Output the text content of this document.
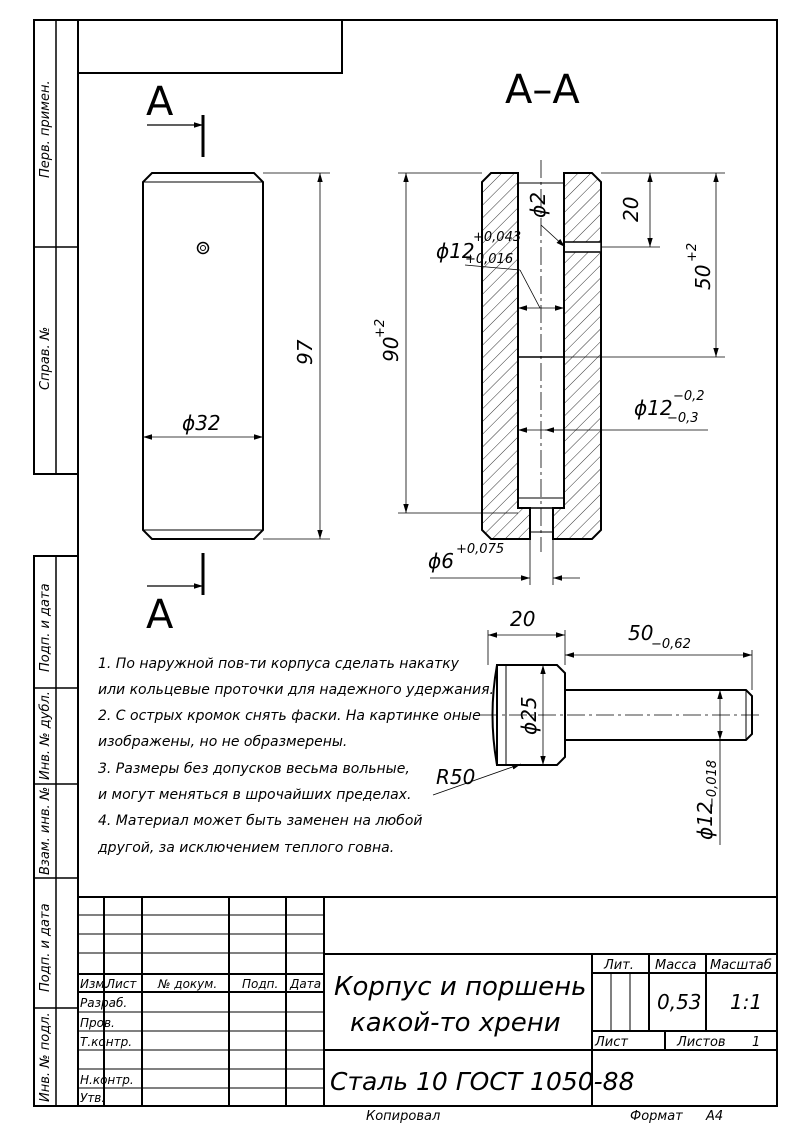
Перв. примен.
Справ. №
Подп. и дата
Инв. № дубл.
Взам. инв. №
Подп. и дата
Инв. № подл.
97
ϕ32
А
А
А–А
ϕ2
ϕ12
+0,043
+0,016
20
50
+2
90
+2
ϕ12 −0,2
−0,3
ϕ6 +0,075
20
50
−0,62
ϕ25
R50
ϕ12
−0,018
1. По наружной пов-ти корпуса сделать накатку
или кольцевые проточки для надежного удержания.
2. С острых кромок снять фаски. На картинке оные
изображены, но не образмерены.
3. Размеры без допусков весьма вольные,
и могут меняться в шрочайших пределах.
4. Материал может быть заменен на любой
другой, за исключением теплого говна.
Изм.
Лист № докум. Подп. Дата
Разраб.
Пров.
Т.контр.
Н.контр.
Утв.
Корпус и поршень
какой-то хрени
Сталь 10 ГОСТ 1050-88
Лит. Масса Масштаб
0,53 1:1
Лист	Листов 1
Копировал	Формат А4
